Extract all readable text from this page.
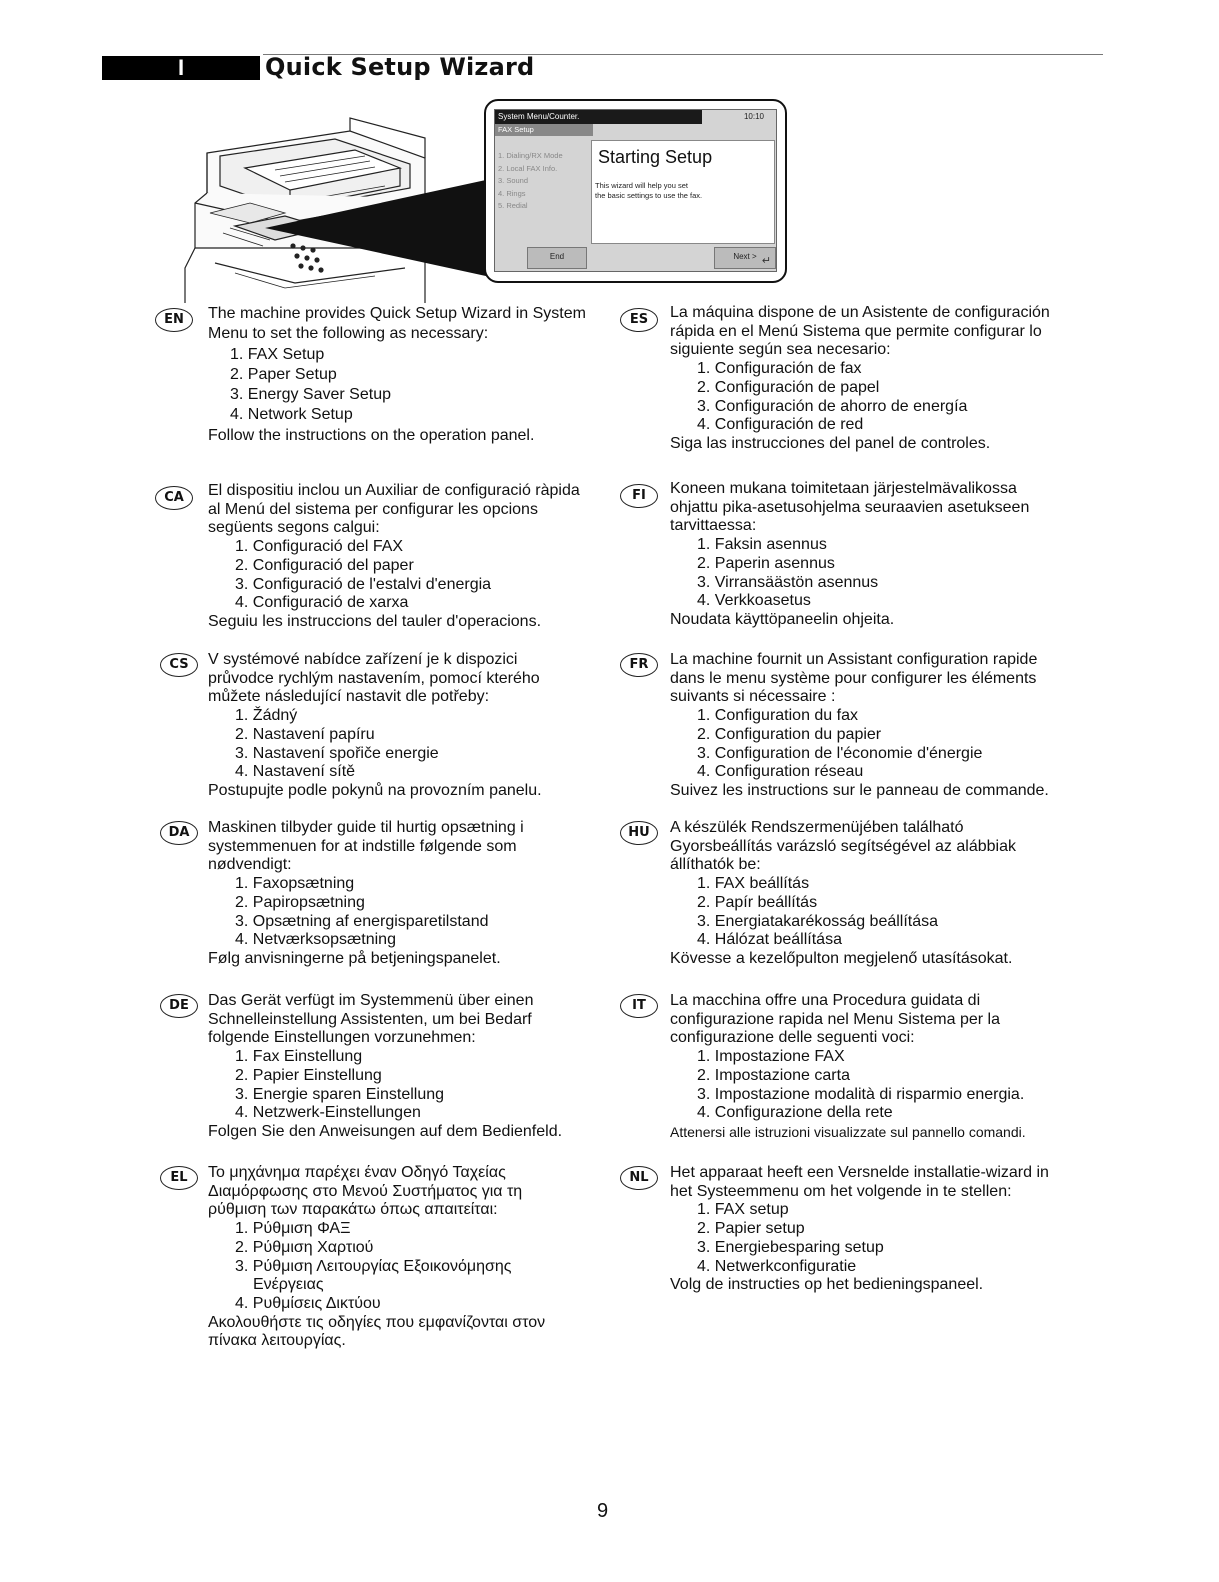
I	Quick Setup Wizard
System Menu/Counter.	10:10
FAX Setup
1. Dialing/RX Mode
2. Local FAX Info.
3. Sound
4. Rings
5. Redial
Starting Setup
This wizard will help you set
the basic settings to use the fax.
End	Next > ↵
EN	The machine provides Quick Setup Wizard in System
Menu to set the following as necessary:
1. FAX Setup
2. Paper Setup
3. Energy Saver Setup
4. Network Setup
Follow the instructions on the operation panel.
ES	La máquina dispone de un Asistente de configuración
rápida en el Menú Sistema que permite configurar lo
siguiente según sea necesario:
1. Configuración de fax
2. Configuración de papel
3. Configuración de ahorro de energía
4. Configuración de red
Siga las instrucciones del panel de controles.
CA	El dispositiu inclou un Auxiliar de configuració ràpida
al Menú del sistema per configurar les opcions
següents segons calgui:
1. Configuració del FAX
2. Configuració del paper
3. Configuració de l'estalvi d'energia
4. Configuració de xarxa
Seguiu les instruccions del tauler d'operacions.
FI	Koneen mukana toimitetaan järjestelmävalikossa
ohjattu pika-asetusohjelma seuraavien asetukseen
tarvittaessa:
1. Faksin asennus
2. Paperin asennus
3. Virransäästön asennus
4. Verkkoasetus
Noudata käyttöpaneelin ohjeita.
CS	V systémové nabídce zařízení je k dispozici
průvodce rychlým nastavením, pomocí kterého
můžete následující nastavit dle potřeby:
1. Žádný
2. Nastavení papíru
3. Nastavení spořiče energie
4. Nastavení sítě
Postupujte podle pokynů na provozním panelu.
FR	La machine fournit un Assistant configuration rapide
dans le menu système pour configurer les éléments
suivants si nécessaire :
1. Configuration du fax
2. Configuration du papier
3. Configuration de l'économie d'énergie
4. Configuration réseau
Suivez les instructions sur le panneau de commande.
DA	Maskinen tilbyder guide til hurtig opsætning i
systemmenuen for at indstille følgende som
nødvendigt:
1. Faxopsætning
2. Papiropsætning
3. Opsætning af energisparetilstand
4. Netværksopsætning
Følg anvisningerne på betjeningspanelet.
HU	A készülék Rendszermenüjében található
Gyorsbeállítás varázsló segítségével az alábbiak
állíthatók be:
1. FAX beállítás
2. Papír beállítás
3. Energiatakarékosság beállítása
4. Hálózat beállítása
Kövesse a kezelőpulton megjelenő utasításokat.
DE	Das Gerät verfügt im Systemmenü über einen
Schnelleinstellung Assistenten, um bei Bedarf
folgende Einstellungen vorzunehmen:
1. Fax Einstellung
2. Papier Einstellung
3. Energie sparen Einstellung
4. Netzwerk-Einstellungen
Folgen Sie den Anweisungen auf dem Bedienfeld.
IT	La macchina offre una Procedura guidata di
configurazione rapida nel Menu Sistema per la
configurazione delle seguenti voci:
1. Impostazione FAX
2. Impostazione carta
3. Impostazione modalità di risparmio energia.
4. Configurazione della rete
Attenersi alle istruzioni visualizzate sul pannello comandi.
EL	Το μηχάνημα παρέχει έναν Οδηγό Ταχείας
Διαμόρφωσης στο Μενού Συστήματος για τη
ρύθμιση των παρακάτω όπως απαιτείται:
1. Ρύθμιση ΦΑΞ
2. Ρύθμιση Χαρτιού
3. Ρύθμιση Λειτουργίας Εξοικονόμησης
Ενέργειας
4. Ρυθμίσεις Δικτύου
Ακολουθήστε τις οδηγίες που εμφανίζονται στον
πίνακα λειτουργίας.
NL	Het apparaat heeft een Versnelde installatie-wizard in
het Systeemmenu om het volgende in te stellen:
1. FAX setup
2. Papier setup
3. Energiebesparing setup
4. Netwerkconfiguratie
Volg de instructies op het bedieningspaneel.
9
